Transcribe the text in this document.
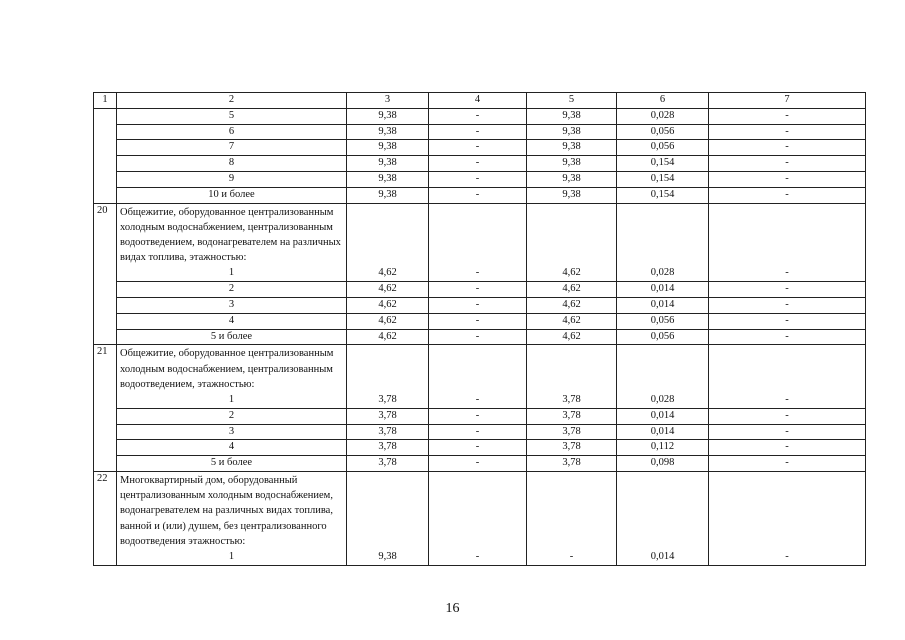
1	2	3	4	5	6	7
	5	9,38	-	9,38	0,028	-
	6	9,38	-	9,38	0,056	-
	7	9,38	-	9,38	0,056	-
	8	9,38	-	9,38	0,154	-
	9	9,38	-	9,38	0,154	-
	10 и более	9,38	-	9,38	0,154	-
20	Общежитие, оборудованное централизованным холодным водоснабжением, централизованным водоотведением, водонагревателем на различных видах топлива, этажностью:					
	1	4,62	-	4,62	0,028	-
	2	4,62	-	4,62	0,014	-
	3	4,62	-	4,62	0,014	-
	4	4,62	-	4,62	0,056	-
	5 и более	4,62	-	4,62	0,056	-
21	Общежитие, оборудованное централизованным холодным водоснабжением, централизованным водоотведением, этажностью:					
	1	3,78	-	3,78	0,028	-
	2	3,78	-	3,78	0,014	-
	3	3,78	-	3,78	0,014	-
	4	3,78	-	3,78	0,112	-
	5 и более	3,78	-	3,78	0,098	-
22	Многоквартирный дом, оборудованный централизованным холодным водоснабжением, водонагревателем на различных видах топлива, ванной и (или) душем, без централизованного водоотведения этажностью:					
	1	9,38	-	-	0,014	-
16
